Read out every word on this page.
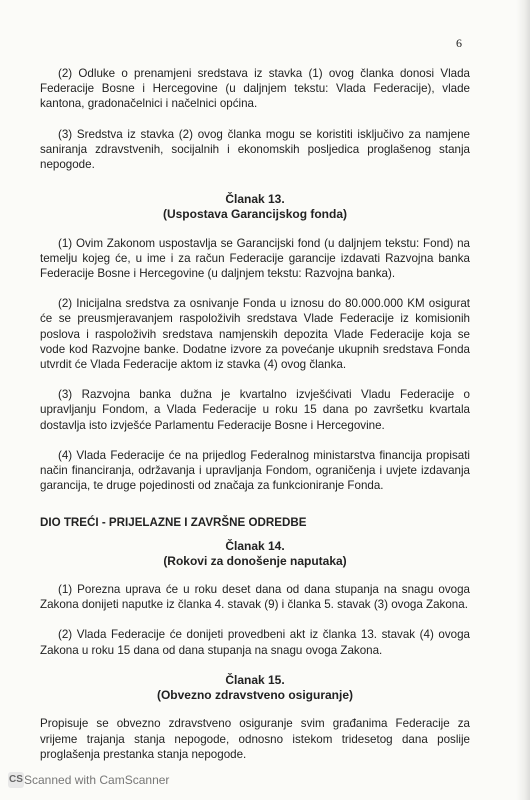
6

(2) Odluke o prenamjeni sredstava iz stavka (1) ovog članka donosi Vlada Federacije Bosne i Hercegovine (u daljnjem tekstu: Vlada Federacije), vlade kantona, gradonačelnici i načelnici općina.

(3) Sredstva iz stavka (2) ovog članka mogu se koristiti isključivo za namjene saniranja zdravstvenih, socijalnih i ekonomskih posljedica proglašenog stanja nepogode.

Članak 13.
(Uspostava Garancijskog fonda)

(1) Ovim Zakonom uspostavlja se Garancijski fond (u daljnjem tekstu: Fond) na temelju kojeg će, u ime i za račun Federacije garancije izdavati Razvojna banka Federacije Bosne i Hercegovine (u daljnjem tekstu: Razvojna banka).

(2) Inicijalna sredstva za osnivanje Fonda u iznosu do 80.000.000 KM osigurat će se preusmjeravanjem raspoloživih sredstava Vlade Federacije iz komisionih poslova i raspoloživih sredstava namjenskih depozita Vlade Federacije koja se vode kod Razvojne banke. Dodatne izvore za povećanje ukupnih sredstava Fonda utvrdit će Vlada Federacije aktom iz stavka (4) ovog članka.

(3) Razvojna banka dužna je kvartalno izvješćivati Vladu Federacije o upravljanju Fondom, a Vlada Federacije u roku 15 dana po završetku kvartala dostavlja isto izvješće Parlamentu Federacije Bosne i Hercegovine.

(4) Vlada Federacije će na prijedlog Federalnog ministarstva financija propisati način financiranja, održavanja i upravljanja Fondom, ograničenja i uvjete izdavanja garancija, te druge pojedinosti od značaja za funkcioniranje Fonda.

DIO TREĆI - PRIJELAZNE I ZAVRŠNE ODREDBE
Članak 14.
(Rokovi za donošenje naputaka)

(1) Porezna uprava će u roku deset dana od dana stupanja na snagu ovoga Zakona donijeti naputke iz članka 4. stavak (9) i članka 5. stavak (3) ovoga Zakona.

(2) Vlada Federacije će donijeti provedbeni akt iz članka 13. stavak (4) ovoga Zakona u roku 15 dana od dana stupanja na snagu ovoga Zakona.

Članak 15.
(Obvezno zdravstveno osiguranje)

Propisuje se obvezno zdravstveno osiguranje svim građanima Federacije za vrijeme trajanja stanja nepogode, odnosno istekom tridesetog dana poslije proglašenja prestanka stanja nepogode.

CS Scanned with CamScanner
